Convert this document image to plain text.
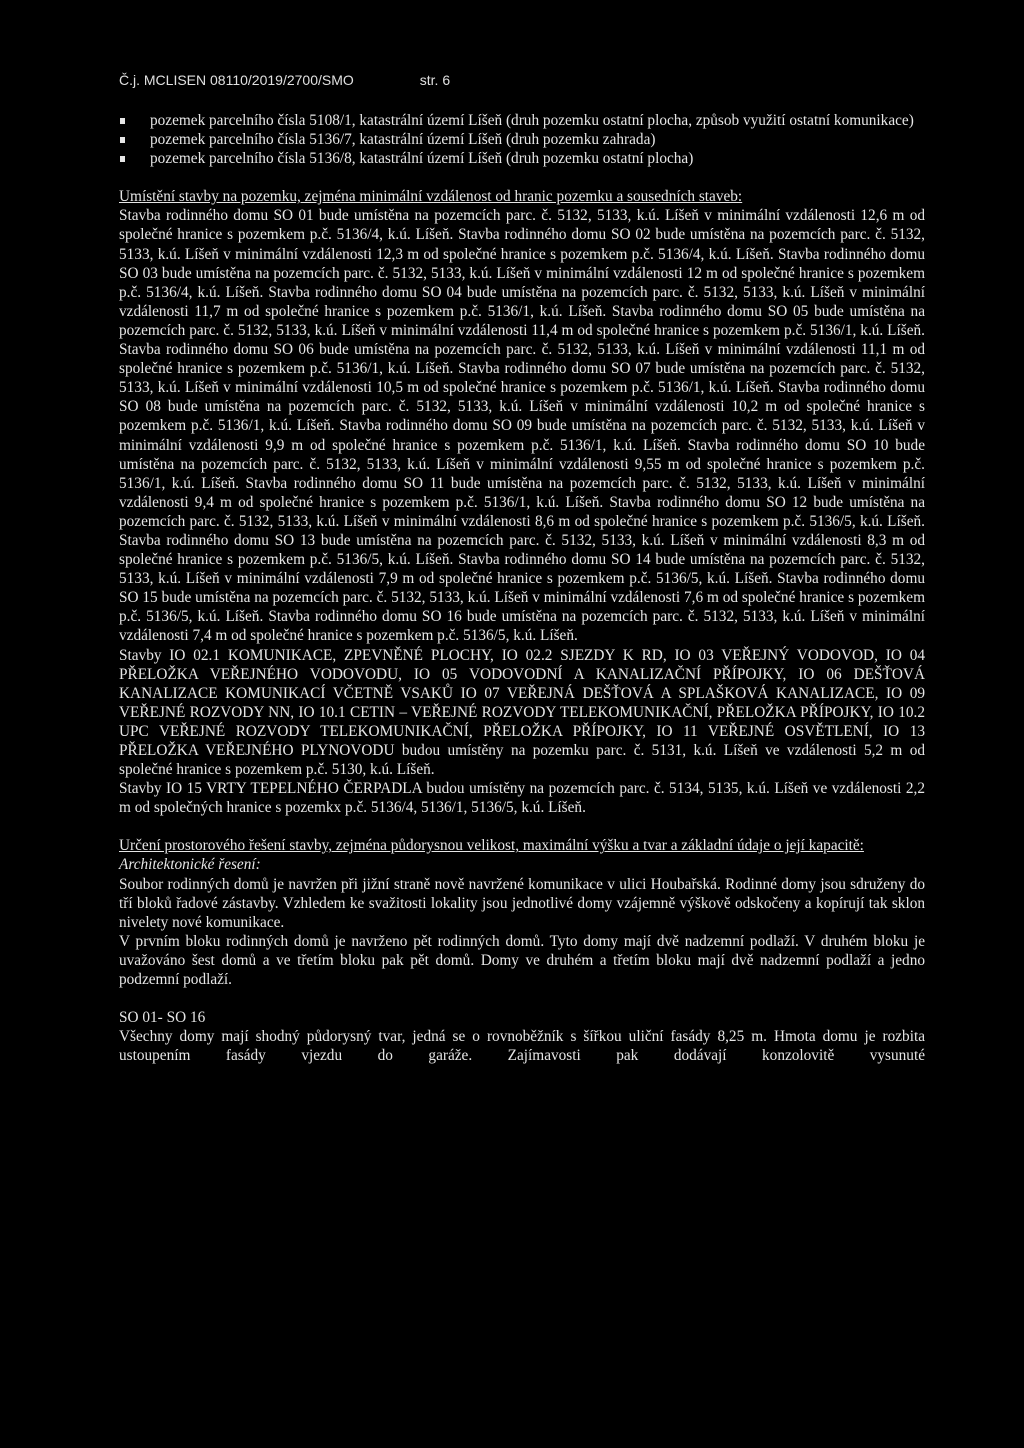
Č.j. MCLISEN 08110/2019/2700/SMO	str. 6
pozemek parcelního čísla 5108/1, katastrální území Líšeň (druh pozemku ostatní plocha, způsob využití ostatní komunikace)
pozemek parcelního čísla 5136/7, katastrální území Líšeň (druh pozemku zahrada)
pozemek parcelního čísla 5136/8, katastrální území Líšeň (druh pozemku ostatní plocha)

Umístění stavby na pozemku, zejména minimální vzdálenost od hranic pozemku a sousedních staveb:

Stavba rodinného domu SO 01 bude umístěna na pozemcích parc. č. 5132, 5133, k.ú. Líšeň v minimální vzdálenosti 12,6 m od společné hranice s pozemkem p.č. 5136/4, k.ú. Líšeň. Stavba rodinného domu SO 02 bude umístěna na pozemcích parc. č. 5132, 5133, k.ú. Líšeň v minimální vzdálenosti 12,3 m od společné hranice s pozemkem p.č. 5136/4, k.ú. Líšeň. Stavba rodinného domu SO 03 bude umístěna na pozemcích parc. č. 5132, 5133, k.ú. Líšeň v minimální vzdálenosti 12 m od společné hranice s pozemkem p.č. 5136/4, k.ú. Líšeň. Stavba rodinného domu SO 04 bude umístěna na pozemcích parc. č. 5132, 5133, k.ú. Líšeň v minimální vzdálenosti 11,7 m od společné hranice s pozemkem p.č. 5136/1, k.ú. Líšeň. Stavba rodinného domu SO 05 bude umístěna na pozemcích parc. č. 5132, 5133, k.ú. Líšeň v minimální vzdálenosti 11,4 m od společné hranice s pozemkem p.č. 5136/1, k.ú. Líšeň. Stavba rodinného domu SO 06 bude umístěna na pozemcích parc. č. 5132, 5133, k.ú. Líšeň v minimální vzdálenosti 11,1 m od společné hranice s pozemkem p.č. 5136/1, k.ú. Líšeň. Stavba rodinného domu SO 07 bude umístěna na pozemcích parc. č. 5132, 5133, k.ú. Líšeň v minimální vzdálenosti 10,5 m od společné hranice s pozemkem p.č. 5136/1, k.ú. Líšeň. Stavba rodinného domu SO 08 bude umístěna na pozemcích parc. č. 5132, 5133, k.ú. Líšeň v minimální vzdálenosti 10,2 m od společné hranice s pozemkem p.č. 5136/1, k.ú. Líšeň. Stavba rodinného domu SO 09 bude umístěna na pozemcích parc. č. 5132, 5133, k.ú. Líšeň v minimální vzdálenosti 9,9 m od společné hranice s pozemkem p.č. 5136/1, k.ú. Líšeň. Stavba rodinného domu SO 10 bude umístěna na pozemcích parc. č. 5132, 5133, k.ú. Líšeň v minimální vzdálenosti 9,55 m od společné hranice s pozemkem p.č. 5136/1, k.ú. Líšeň. Stavba rodinného domu SO 11 bude umístěna na pozemcích parc. č. 5132, 5133, k.ú. Líšeň v minimální vzdálenosti 9,4 m od společné hranice s pozemkem p.č. 5136/1, k.ú. Líšeň. Stavba rodinného domu SO 12 bude umístěna na pozemcích parc. č. 5132, 5133, k.ú. Líšeň v minimální vzdálenosti 8,6 m od společné hranice s pozemkem p.č. 5136/5, k.ú. Líšeň. Stavba rodinného domu SO 13 bude umístěna na pozemcích parc. č. 5132, 5133, k.ú. Líšeň v minimální vzdálenosti 8,3 m od společné hranice s pozemkem p.č. 5136/5, k.ú. Líšeň. Stavba rodinného domu SO 14 bude umístěna na pozemcích parc. č. 5132, 5133, k.ú. Líšeň v minimální vzdálenosti 7,9 m od společné hranice s pozemkem p.č. 5136/5, k.ú. Líšeň. Stavba rodinného domu SO 15 bude umístěna na pozemcích parc. č. 5132, 5133, k.ú. Líšeň v minimální vzdálenosti 7,6 m od společné hranice s pozemkem p.č. 5136/5, k.ú. Líšeň. Stavba rodinného domu SO 16 bude umístěna na pozemcích parc. č. 5132, 5133, k.ú. Líšeň v minimální vzdálenosti 7,4 m od společné hranice s pozemkem p.č. 5136/5, k.ú. Líšeň.

Stavby IO 02.1 KOMUNIKACE, ZPEVNĚNÉ PLOCHY, IO 02.2 SJEZDY K RD, IO 03 VEŘEJNÝ VODOVOD, IO 04 PŘELOŽKA VEŘEJNÉHO VODOVODU, IO 05 VODOVODNÍ A KANALIZAČNÍ PŘÍPOJKY, IO 06 DEŠŤOVÁ KANALIZACE KOMUNIKACÍ VČETNĚ VSAKŮ IO 07 VEŘEJNÁ DEŠŤOVÁ A SPLAŠKOVÁ KANALIZACE, IO 09 VEŘEJNÉ ROZVODY NN, IO 10.1 CETIN – VEŘEJNÉ ROZVODY TELEKOMUNIKAČNÍ, PŘELOŽKA PŘÍPOJKY, IO 10.2 UPC VEŘEJNÉ ROZVODY TELEKOMUNIKAČNÍ, PŘELOŽKA PŘÍPOJKY, IO 11 VEŘEJNÉ OSVĚTLENÍ, IO 13 PŘELOŽKA VEŘEJNÉHO PLYNOVODU budou umístěny na pozemku parc. č. 5131, k.ú. Líšeň ve vzdálenosti 5,2 m od společné hranice s pozemkem p.č. 5130, k.ú. Líšeň.

Stavby IO 15 VRTY TEPELNÉHO ČERPADLA budou umístěny na pozemcích parc. č. 5134, 5135, k.ú. Líšeň ve vzdálenosti 2,2 m od společných hranice s pozemkx p.č. 5136/4, 5136/1, 5136/5, k.ú. Líšeň.

Určení prostorového řešení stavby, zejména půdorysnou velikost, maximální výšku a tvar a základní údaje o její kapacitě:

Architektonické řesení:

Soubor rodinných domů je navržen při jižní straně nově navržené komunikace v ulici Houbařská. Rodinné domy jsou sdruženy do tří bloků řadové zástavby. Vzhledem ke svažitosti lokality jsou jednotlivé domy vzájemně výškově odskočeny a kopírují tak sklon nivelety nové komunikace.

V prvním bloku rodinných domů je navrženo pět rodinných domů. Tyto domy mají dvě nadzemní podlaží. V druhém bloku je uvažováno šest domů a ve třetím bloku pak pět domů. Domy ve druhém a třetím bloku mají dvě nadzemní podlaží a jedno podzemní podlaží.

SO 01- SO 16

Všechny domy mají shodný půdorysný tvar, jedná se o rovnoběžník s šířkou uliční fasády 8,25 m. Hmota domu je rozbita ustoupením fasády vjezdu do garáže. Zajímavosti pak dodávají konzolovitě vysunuté
